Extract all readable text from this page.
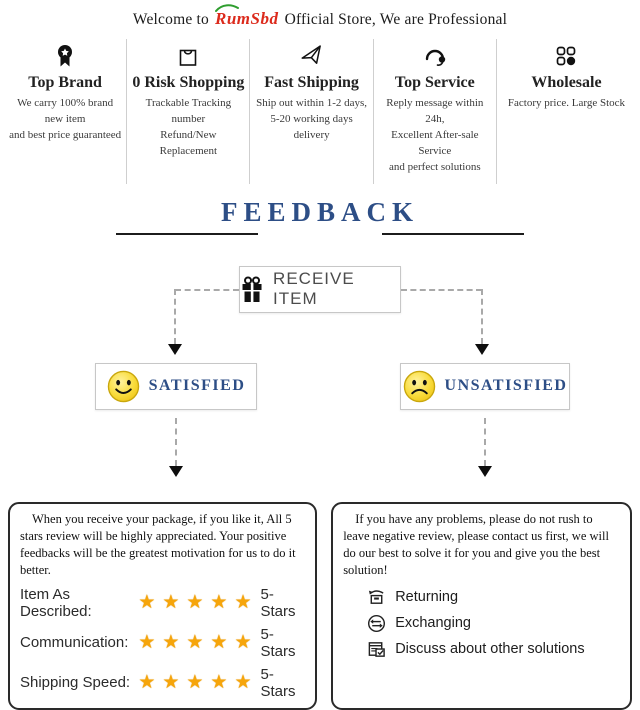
Welcome to RumSbd Official Store, We are Professional
Top Brand
We carry 100% brand new item
and best price guaranteed
0 Risk Shopping
Trackable Tracking number
Refund/New Replacement
Fast Shipping
Ship out within 1-2 days,
5-20 working days delivery
Top Service
Reply message within 24h,
Excellent After-sale Service
and perfect solutions
Wholesale
Factory price. Large Stock
FEEDBACK
RECEIVE ITEM
SATISFIED	UNSATISFIED

When you receive your package, if you like it, All 5 stars review will be highly appreciated. Your positive feedbacks will be the greatest motivation for us to do it better.

Item As Described:	★★★★★ 5-Stars
Communication: ★★★★★ 5-Stars
Shipping Speed: ★★★★★ 5-Stars

If you have any problems, please do not rush to leave negative review, please contact us first, we will do our best to solve it for you and give you the best solution!

Returning
Exchanging
Discuss about other solutions
